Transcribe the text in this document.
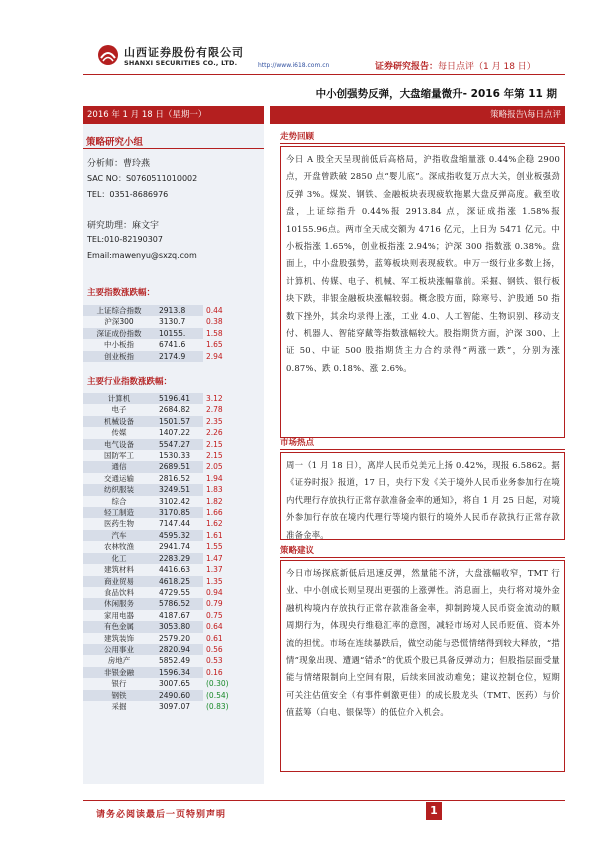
山西证券股份有限公司
SHANXI SECURITIES CO., LTD.	http://www.i618.com.cn	证券研究报告：每日点评（1 月 18 日）
中小创强势反弹，大盘缩量微升- 2016 年第 11 期
2016 年 1 月 18 日（星期一）	策略报告\每日点评
策略研究小组
分析师：曹玲燕
SAC NO：S0760511010002
TEL：0351-8686976
研究助理：麻文宇
TEL:010-82190307
Email:mawenyu@sxzq.com
主要指数涨跌幅：
上证综合指数	2913.8	0.44
沪深300	3130.7	0.38
深证成份指数	10155.	1.58
中小板指	6741.6	1.65
创业板指	2174.9	2.94
主要行业指数涨跌幅：
计算机	5196.41	3.12
电子	2684.82	2.78
机械设备	1501.57	2.35
传媒	1407.22	2.26
电气设备	5547.27	2.15
国防军工	1530.33	2.15
通信	2689.51	2.05
交通运输	2816.52	1.94
纺织服装	3249.51	1.83
综合	3102.42	1.82
轻工制造	3170.85	1.66
医药生物	7147.44	1.62
汽车	4595.32	1.61
农林牧渔	2941.74	1.55
化工	2283.29	1.47
建筑材料	4416.63	1.37
商业贸易	4618.25	1.35
食品饮料	4729.55	0.94
休闲服务	5786.52	0.79
家用电器	4187.67	0.75
有色金属	3053.80	0.64
建筑装饰	2579.20	0.61
公用事业	2820.94	0.56
房地产	5852.49	0.53
非银金融	1596.34	0.16
银行	3007.65	(0.30)
钢铁	2490.60	(0.54)
采掘	3097.07	(0.83)
走势回顾
今日 A 股全天呈现前低后高格局，沪指收盘缩量涨 0.44%企稳 2900 点，开盘曾跌破 2850 点“婴儿底”。深成指收复万点大关，创业板强劲反弹 3%。煤炭、钢铁、金融板块表现疲软拖累大盘反弹高度。截至收盘，上证综指升 0.44%报 2913.84 点，深证成指涨 1.58%报 10155.96点。两市全天成交额为 4716 亿元，上日为 5471 亿元。中小板指涨 1.65%，创业板指涨 2.94%；沪深 300 指数涨 0.38%。盘面上，中小盘股强势，蓝筹板块则表现疲软。申万一级行业多数上扬，计算机、传媒、电子、机械、军工板块涨幅靠前。采掘、钢铁、银行板块下跌，非银金融板块涨幅较弱。概念股方面，除寒号、沪股通 50 指数下挫外，其余均录得上涨，工业 4.0、人工智能、生物识别、移动支付、机器人、智能穿戴等指数涨幅较大。股指期货方面，沪深 300、上证 50、中证 500 股指期货主力合约录得“两涨一跌”，分别为涨 0.87%、跌 0.18%、涨 2.6%。
市场热点
周一（1 月 18 日），离岸人民币兑美元上扬 0.42%，现报 6.5862。据《证券时报》报道，17 日，央行下发《关于境外人民币业务参加行在境内代理行存放执行正常存款准备金率的通知》，将自 1 月 25 日起，对境外参加行存放在境内代理行等境内银行的境外人民币存款执行正常存款准备金率。
策略建议
今日市场探底新低后迅速反弹，然量能不济，大盘涨幅收窄，TMT 行业、中小创成长则呈现出更强的上涨弹性。消息面上，央行将对境外金融机构境内存放执行正常存款准备金率，抑制跨境人民币资金流动的顺周期行为，体现央行维稳汇率的意图，减轻市场对人民币贬值、资本外流的担忧。市场在连续暴跌后，做空动能与恐慌情绪得到较大释放，“措情”现象出现、遭遇“错杀”的优质个股已具备反弹动力；但股指层面受量能与情绪限制向上空间有限，后续来回波动难免；建议控制仓位，短期可关注估值安全（有事件刺激更佳）的成长股龙头（TMT、医药）与价值蓝筹（白电、银保等）的低位介入机会。
请务必阅读最后一页特别声明	1
